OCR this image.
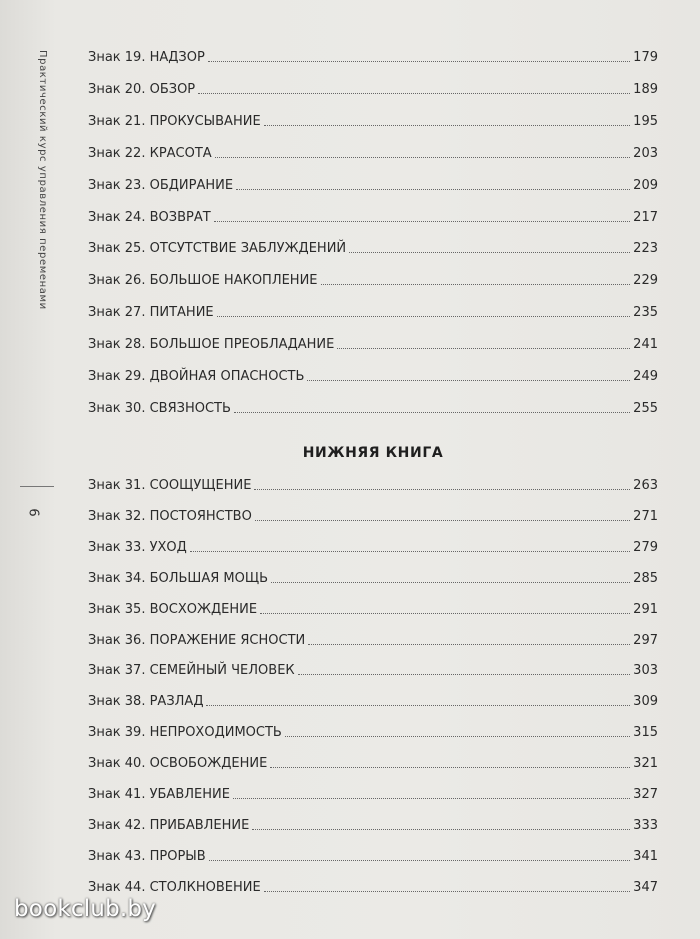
Практический курс управления переменами
6
Знак 19. НАДЗОР	179
Знак 20. ОБЗОР	189
Знак 21. ПРОКУСЫВАНИЕ	195
Знак 22. КРАСОТА	203
Знак 23. ОБДИРАНИЕ	209
Знак 24. ВОЗВРАТ	217
Знак 25. ОТСУТСТВИЕ ЗАБЛУЖДЕНИЙ	223
Знак 26. БОЛЬШОЕ НАКОПЛЕНИЕ	229
Знак 27. ПИТАНИЕ	235
Знак 28. БОЛЬШОЕ ПРЕОБЛАДАНИЕ	241
Знак 29. ДВОЙНАЯ ОПАСНОСТЬ	249
Знак 30. СВЯЗНОСТЬ	255
НИЖНЯЯ КНИГА
Знак 31. СООЩУЩЕНИЕ	263
Знак 32. ПОСТОЯНСТВО	271
Знак 33. УХОД	279
Знак 34. БОЛЬШАЯ МОЩЬ	285
Знак 35. ВОСХОЖДЕНИЕ	291
Знак 36. ПОРАЖЕНИЕ ЯСНОСТИ	297
Знак 37. СЕМЕЙНЫЙ ЧЕЛОВЕК	303
Знак 38. РАЗЛАД	309
Знак 39. НЕПРОХОДИМОСТЬ	315
Знак 40. ОСВОБОЖДЕНИЕ	321
Знак 41. УБАВЛЕНИЕ	327
Знак 42. ПРИБАВЛЕНИЕ	333
Знак 43. ПРОРЫВ	341
Знак 44. СТОЛКНОВЕНИЕ	347
bookclub.by
